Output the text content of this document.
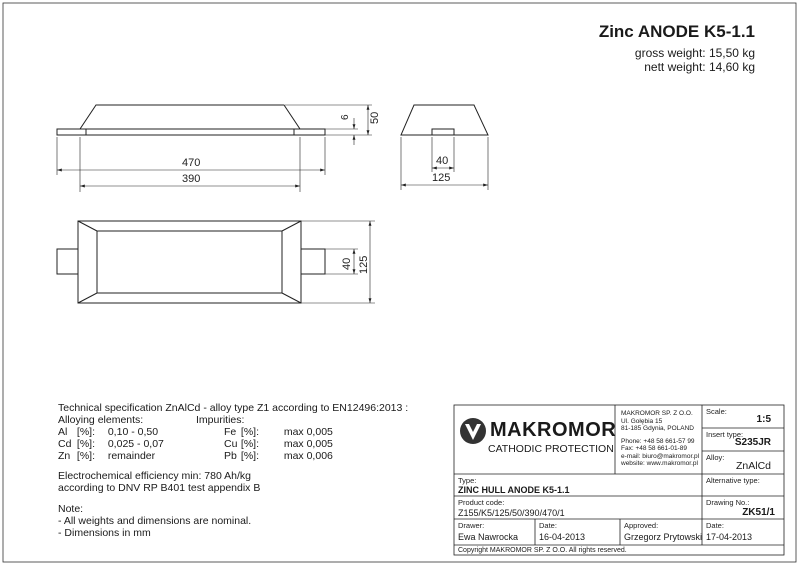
Zinc ANODE K5-1.1
gross weight: 15,50 kg
nett weight: 14,60 kg
6 50
470
390
40
125
40 125
Technical specification ZnAlCd - alloy type Z1 according to EN12496:2013 :
Alloying elements:	Impurities:
Al [%]: 0,10 - 0,50
Cd [%]: 0,025 - 0,07
Zn [%]: remainder
Fe [%]: max 0,005
Cu [%]: max 0,005
Pb [%]: max 0,006
Electrochemical efficiency min: 780 Ah/kg
according to DNV RP B401 test appendix B
Note:
- All weights and dimensions are nominal.
- Dimensions in mm
MAKROMOR
CATHODIC PROTECTION
MAKROMOR SP. Z O.O.
Ul. Gołębia 15
81-185 Gdynia, POLAND
Phone: +48 58 661-57 99
Fax: +48 58 661-01-89
e-mail: biuro@makromor.pl
website: www.makromor.pl
Scale:
1:5
Insert type:
S235JR
Alloy:
ZnAlCd
Type:
ZINC HULL ANODE K5-1.1
Alternative type:
Product code:
Z155/K5/125/50/390/470/1
Drawing No.:
ZK51/1
Drawer:
Ewa Nawrocka
Date:
16-04-2013
Approved:
Grzegorz Prytowski
Date:
17-04-2013
Copyright MAKROMOR SP. Z O.O. All rights reserved.
